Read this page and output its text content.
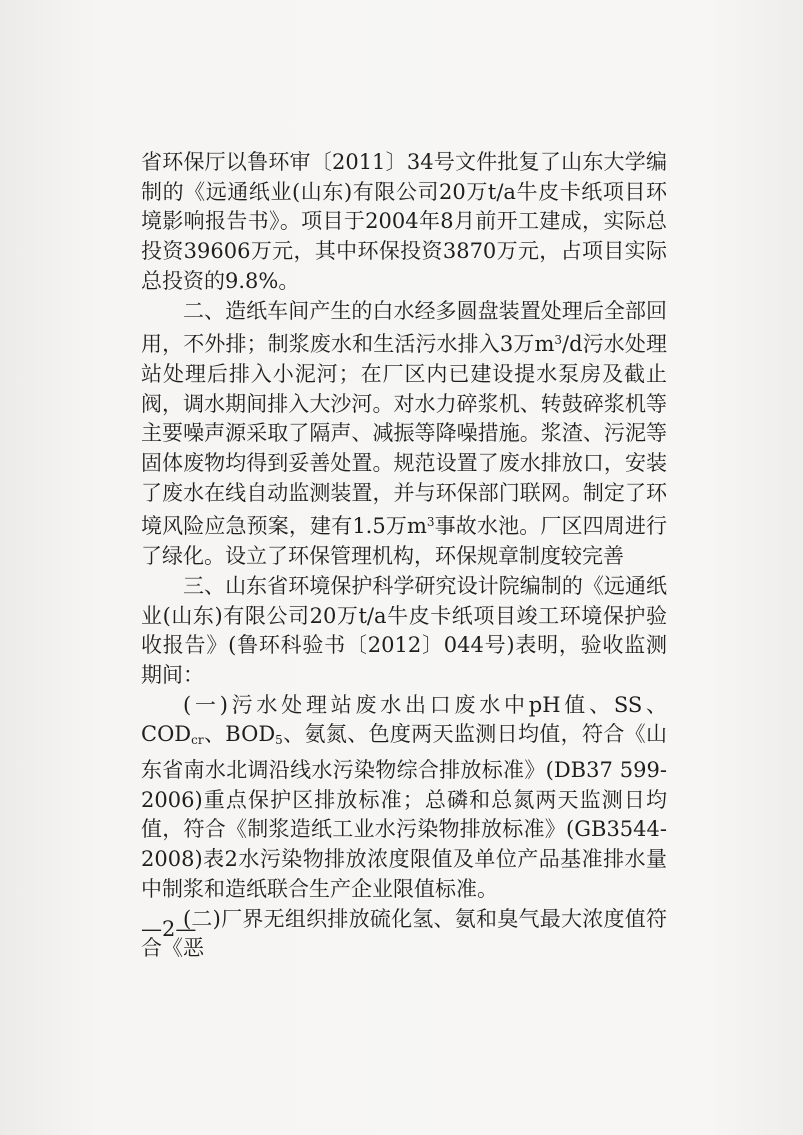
省环保厅以鲁环审〔2011〕34号文件批复了山东大学编制的《远通纸业(山东)有限公司20万t/a牛皮卡纸项目环境影响报告书》。项目于2004年8月前开工建成，实际总投资39606万元，其中环保投资3870万元，占项目实际总投资的9.8%。

二、造纸车间产生的白水经多圆盘装置处理后全部回用，不外排；制浆废水和生活污水排入3万$m^3/d$污水处理站处理后排入小泥河；在厂区内已建设提水泵房及截止阀，调水期间排入大沙河。对水力碎浆机、转鼓碎浆机等主要噪声源采取了隔声、减振等降噪措施。浆渣、污泥等固体废物均得到妥善处置。规范设置了废水排放口，安装了废水在线自动监测装置，并与环保部门联网。制定了环境风险应急预案，建有1.5万$m^3$事故水池。厂区四周进行了绿化。设立了环保管理机构，环保规章制度较完善

三、山东省环境保护科学研究设计院编制的《远通纸业(山东)有限公司20万t/a牛皮卡纸项目竣工环境保护验收报告》(鲁环科验书〔2012〕044号)表明，验收监测期间：

(一)污水处理站废水出口废水中pH值、SS、$COD_{cr}$、$BOD_5$、氨氮、色度两天监测日均值，符合《山东省南水北调沿线水污染物综合排放标准》(DB37 599-2006)重点保护区排放标准；总磷和总氮两天监测日均值，符合《制浆造纸工业水污染物排放标准》(GB3544-2008)表2水污染物排放浓度限值及单位产品基准排水量中制浆和造纸联合生产企业限值标准。

(二)厂界无组织排放硫化氢、氨和臭气最大浓度值符合《恶

—2—
